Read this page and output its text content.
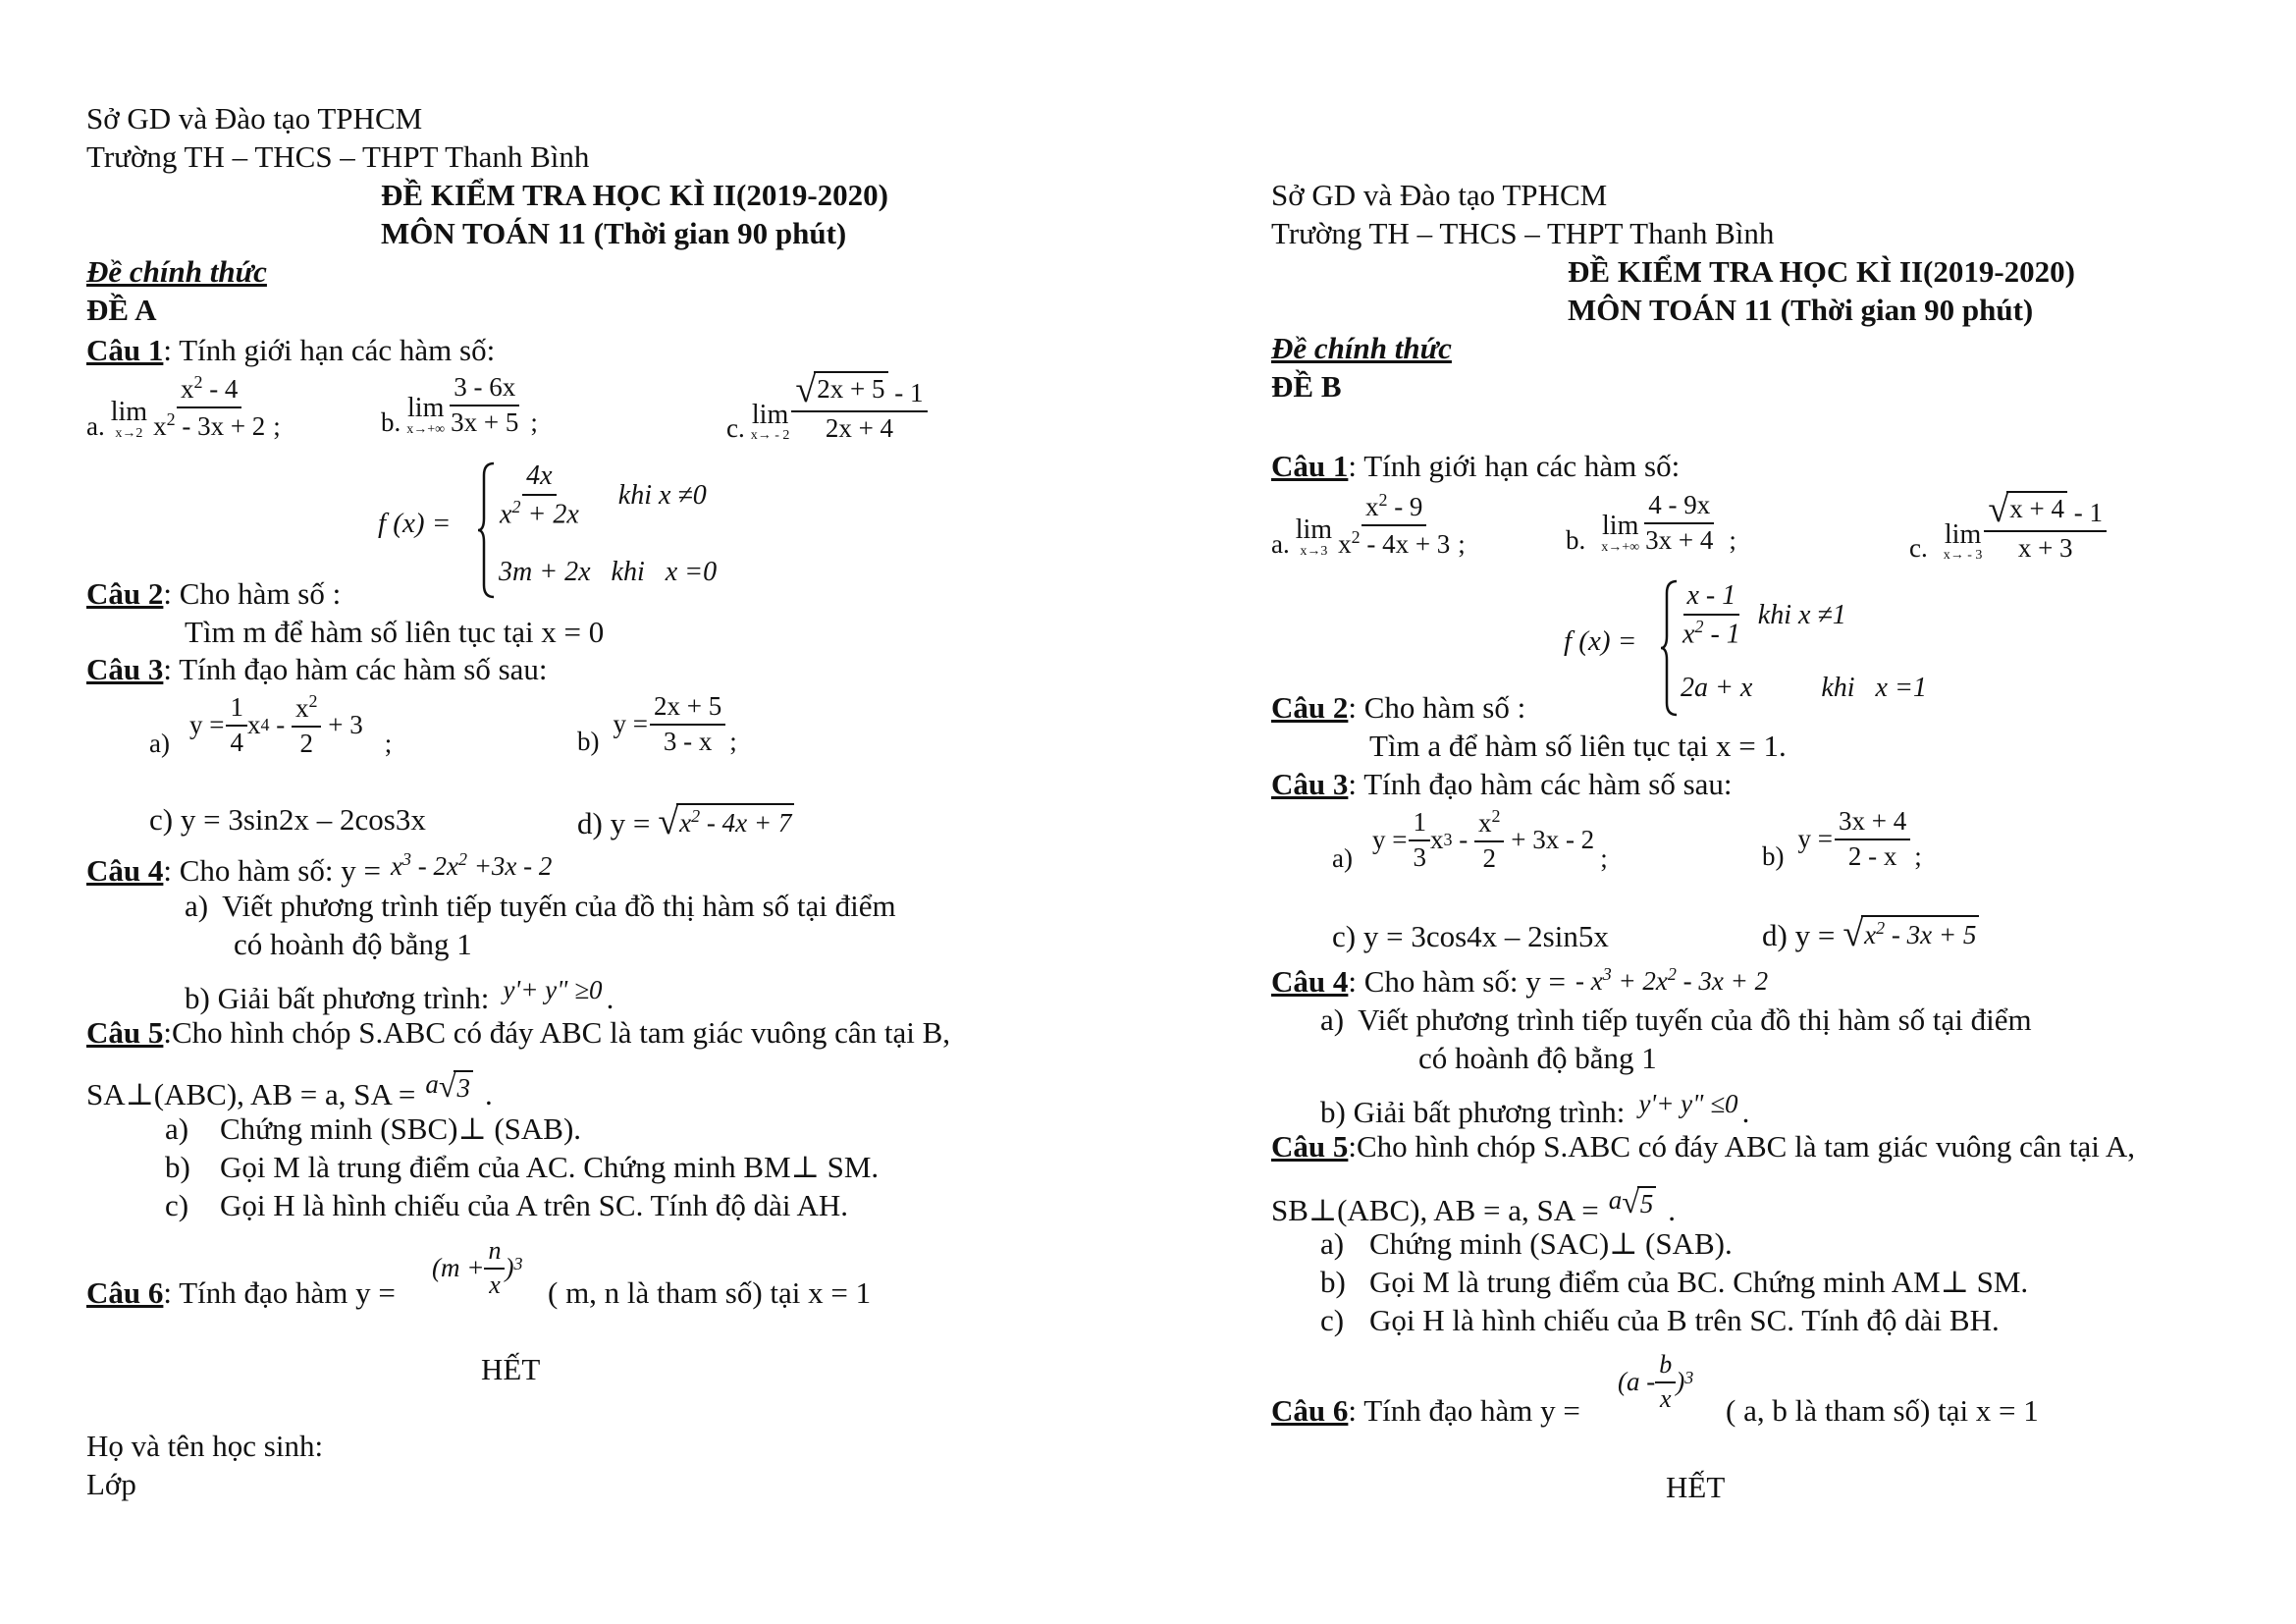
Sở GD và Đào tạo TPHCM
Trường TH – THCS – THPT Thanh Bình
ĐỀ KIỂM TRA HỌC KÌ II(2019-2020)
MÔN TOÁN 11 (Thời gian 90 phút)
Đề chính thức
ĐỀ A
Câu 1: Tính giới hạn các hàm số:
a. lim
$x\to 2 \frac{x^2 - 4}{x^2 - 3x + 2}$ ;	b. lim
$x\to+\infty \frac{3 - 6x}{3x + 5}$ ;	c. lim
$x\to - 2 \frac{√ 2x + 5 - 1}{2x + 4}$
f $(x) = \frac{4x}{x^2 + 2x}$ khi x ≠0
3m + 2x   khi   x =0
Câu 2: Cho hàm số :
Tìm m để hàm số liên tục tại x = 0
Câu 3: Tính đạo hàm các hàm số sau:
a)
$y = \frac{1}{4}$ x $4 - \frac{x^2}{2} + 3$
;	b)
$y = \frac{2x + 5}{3 - x}$ ;
c) y = 3sin2x – 2cos3x	d) y = √ $x^2 - 4x + 7$
Câu 4 : Cho hàm số: $y = x^3 - 2x^2 +3x - 2$
a) Viết phương trình tiếp tuyến của đồ thị hàm số tại điểm
có hoành độ bằng 1
b) Giải bất phương trình: y'+ y" ≥0 .
Câu 5:Cho hình chóp S.ABC có đáy ABC là tam giác vuông cân tại B,
SA⊥(ABC), AB = a, SA = a √ 3 .
a) Chứng minh (SBC)⊥ (SAB).
b) Gọi M là trung điểm của AC. Chứng minh BM⊥ SM.
c) Gọi H là hình chiếu của A trên SC. Tính độ dài AH.
Câu 6: Tính đạo hàm y =
($m + \frac{n}{x}$ ) 3
( m, n là tham số) tại x = 1
HẾT
Họ và tên học sinh:
Lớp
Sở GD và Đào tạo TPHCM
Trường TH – THCS – THPT Thanh Bình
ĐỀ KIỂM TRA HỌC KÌ II(2019-2020)
MÔN TOÁN 11 (Thời gian 90 phút)
Đề chính thức
ĐỀ B
Câu 1: Tính giới hạn các hàm số:
a. lim
$x\to 3 \frac{x^2 - 9}{x^2 - 4x + 3}$ ;	b. lim
$x\to+\infty \frac{4 - 9x}{3x + 4}$ ;	c. lim
$x\to - 3 \frac{√ x + 4 - 1}{x + 3}$
f $(x) = \frac{x - 1}{x^2 - 1}$ khi x ≠1
2a + x          khi   x =1
Câu 2: Cho hàm số :
Tìm a để hàm số liên tục tại x = 1.
Câu 3: Tính đạo hàm các hàm số sau:
a)
$y = \frac{1}{3}$ x $3 - \frac{x^2}{2} + 3x - 2$
;	b)
$y = \frac{3x + 4}{2 - x}$ ;
c) y = 3cos4x – 2sin5x	d) y = √ $x^2 - 3x + 5$
Câu 4 : Cho hàm số: y = - $x^3 + 2x^2 - 3x + 2$
a) Viết phương trình tiếp tuyến của đồ thị hàm số tại điểm
có hoành độ bằng 1
b) Giải bất phương trình: y'+ y" ≤0 .
Câu 5:Cho hình chóp S.ABC có đáy ABC là tam giác vuông cân tại A,
SB⊥(ABC), AB = a, SA = a √ 5 .
a) Chứng minh (SAC)⊥ (SAB).
b) Gọi M là trung điểm của BC. Chứng minh AM⊥ SM.
c) Gọi H là hình chiếu của B trên SC. Tính độ dài BH.
Câu 6: Tính đạo hàm y =
($a - \frac{b}{x}$ ) 3
( a, b là tham số) tại x = 1
HẾT
